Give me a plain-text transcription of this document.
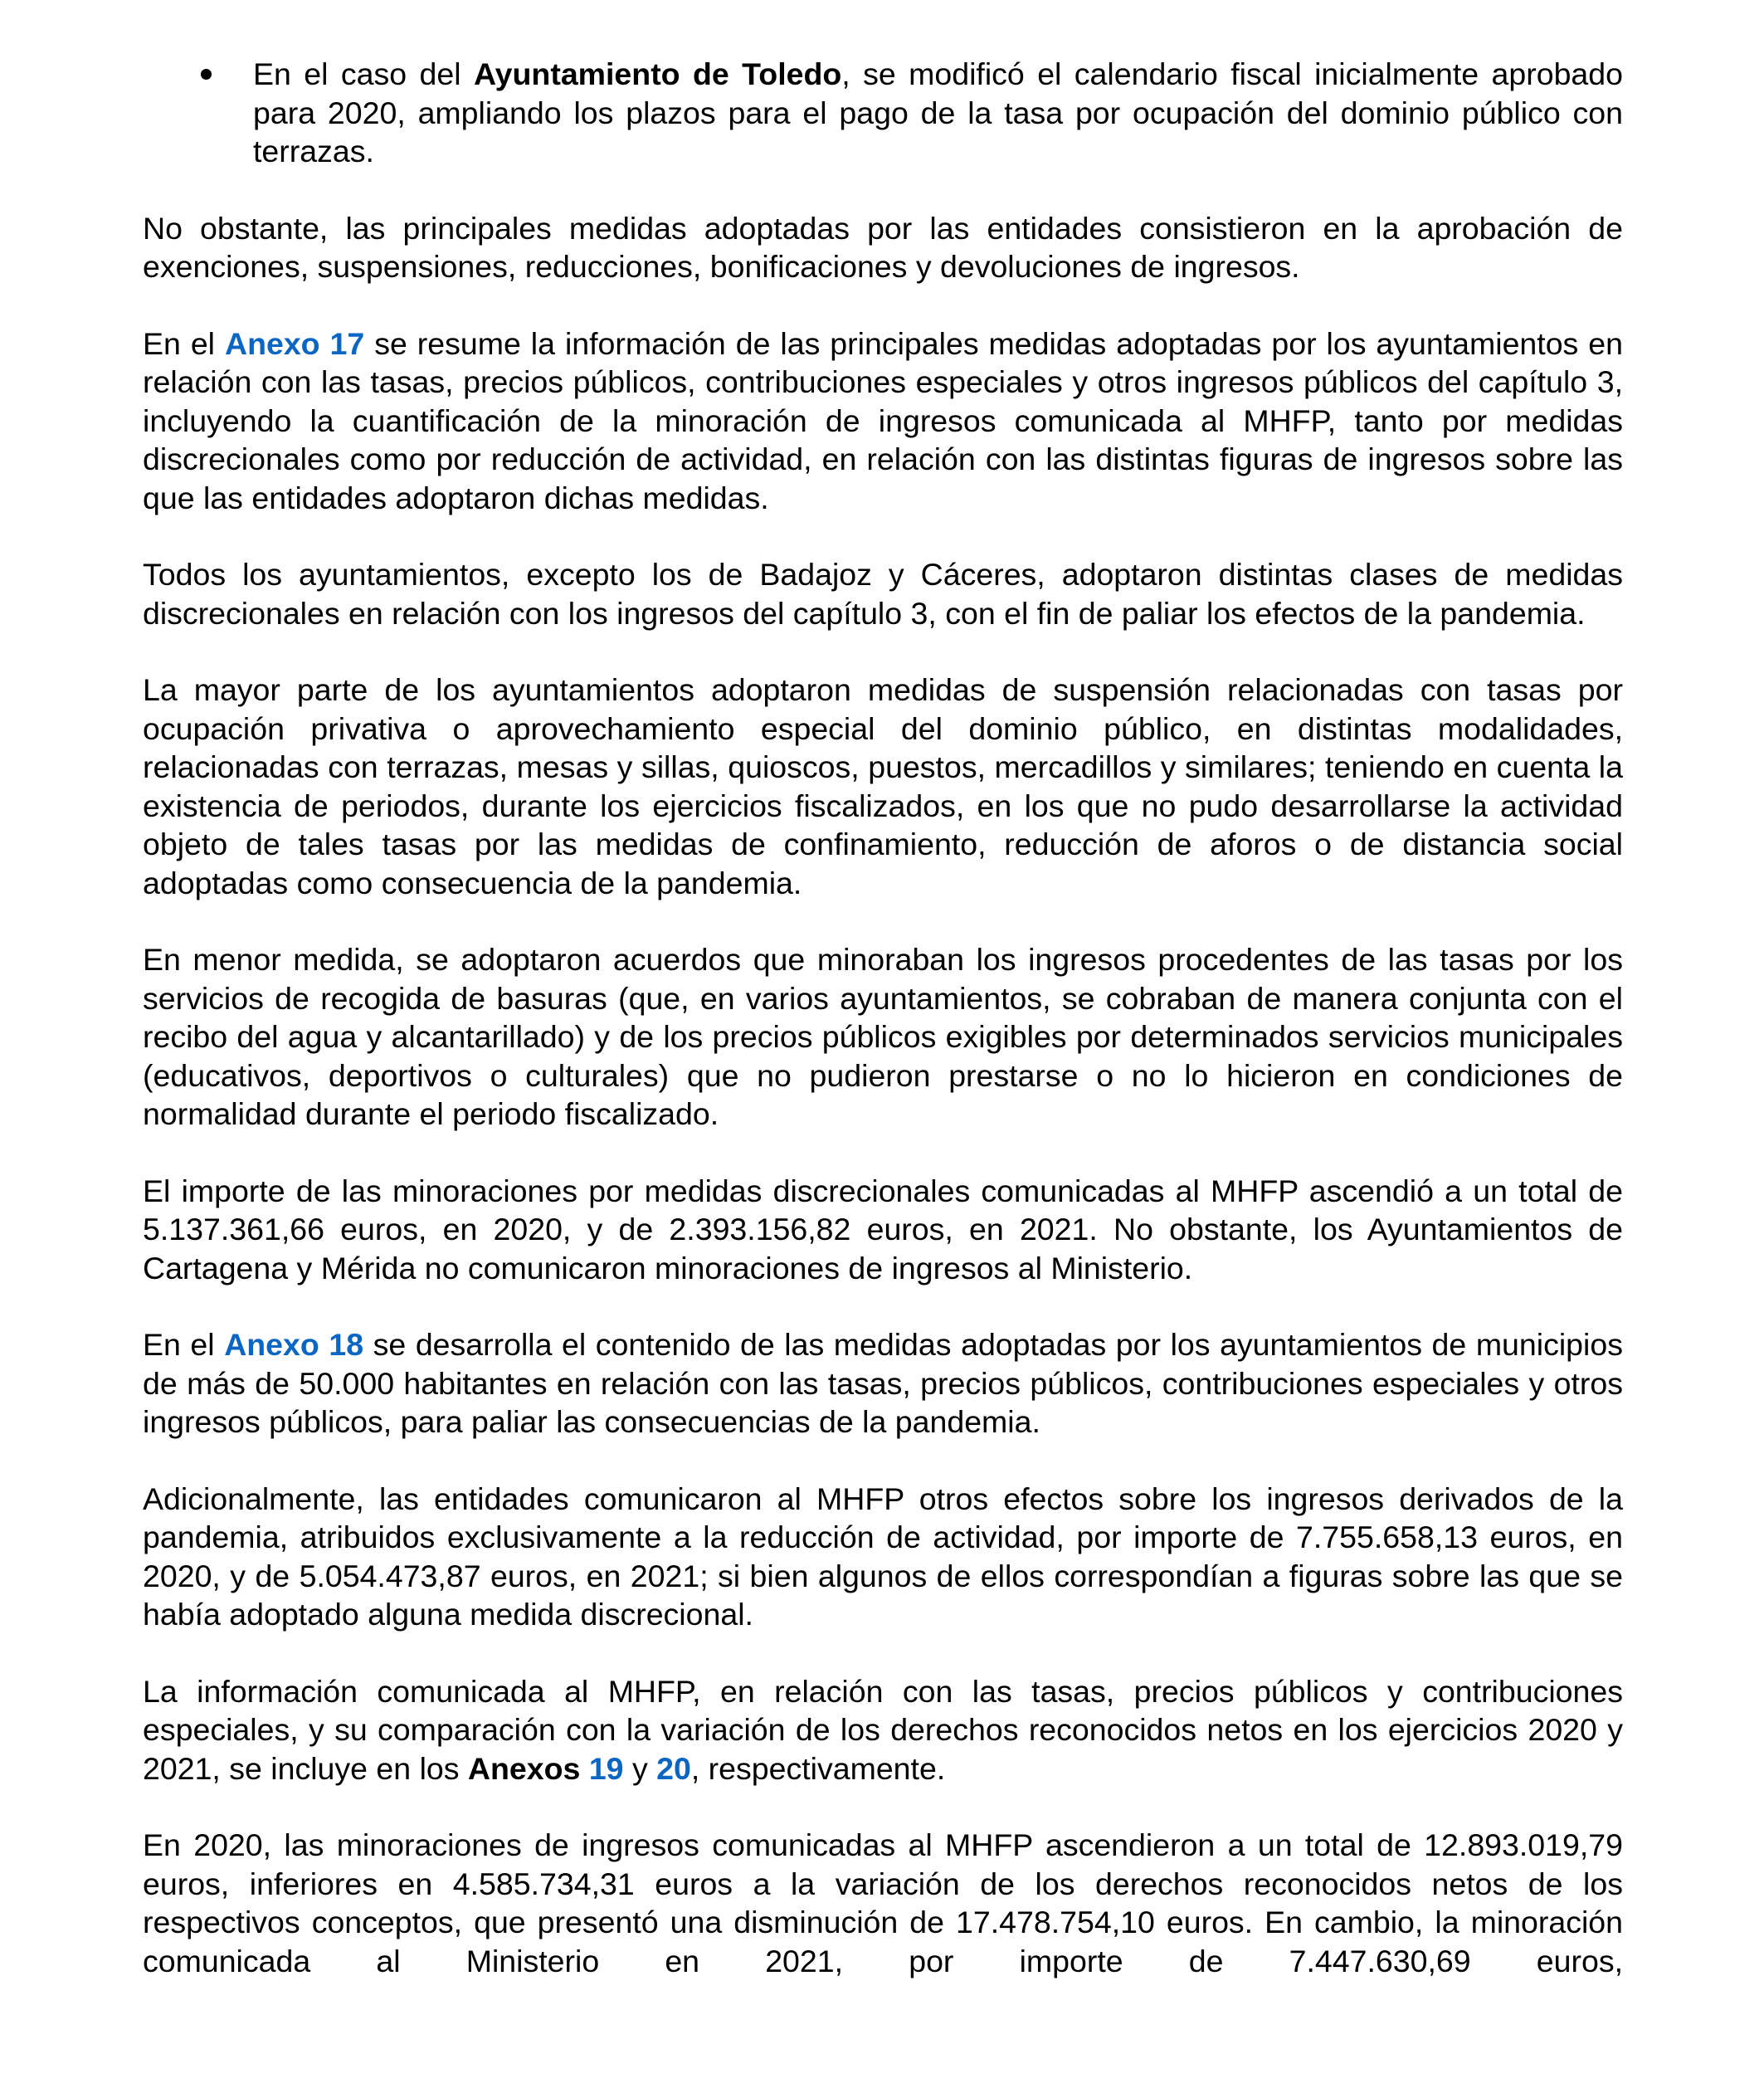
En el caso del Ayuntamiento de Toledo, se modificó el calendario fiscal inicialmente aprobado para 2020, ampliando los plazos para el pago de la tasa por ocupación del dominio público con terrazas.

No obstante, las principales medidas adoptadas por las entidades consistieron en la aprobación de exenciones, suspensiones, reducciones, bonificaciones y devoluciones de ingresos.

En el Anexo 17 se resume la información de las principales medidas adoptadas por los ayuntamientos en relación con las tasas, precios públicos, contribuciones especiales y otros ingresos públicos del capítulo 3, incluyendo la cuantificación de la minoración de ingresos comunicada al MHFP, tanto por medidas discrecionales como por reducción de actividad, en relación con las distintas figuras de ingresos sobre las que las entidades adoptaron dichas medidas.

Todos los ayuntamientos, excepto los de Badajoz y Cáceres, adoptaron distintas clases de medidas discrecionales en relación con los ingresos del capítulo 3, con el fin de paliar los efectos de la pandemia.

La mayor parte de los ayuntamientos adoptaron medidas de suspensión relacionadas con tasas por ocupación privativa o aprovechamiento especial del dominio público, en distintas modalidades, relacionadas con terrazas, mesas y sillas, quioscos, puestos, mercadillos y similares; teniendo en cuenta la existencia de periodos, durante los ejercicios fiscalizados, en los que no pudo desarrollarse la actividad objeto de tales tasas por las medidas de confinamiento, reducción de aforos o de distancia social adoptadas como consecuencia de la pandemia.

En menor medida, se adoptaron acuerdos que minoraban los ingresos procedentes de las tasas por los servicios de recogida de basuras (que, en varios ayuntamientos, se cobraban de manera conjunta con el recibo del agua y alcantarillado) y de los precios públicos exigibles por determinados servicios municipales (educativos, deportivos o culturales) que no pudieron prestarse o no lo hicieron en condiciones de normalidad durante el periodo fiscalizado.

El importe de las minoraciones por medidas discrecionales comunicadas al MHFP ascendió a un total de 5.137.361,66 euros, en 2020, y de 2.393.156,82 euros, en 2021. No obstante, los Ayuntamientos de Cartagena y Mérida no comunicaron minoraciones de ingresos al Ministerio.

En el Anexo 18 se desarrolla el contenido de las medidas adoptadas por los ayuntamientos de municipios de más de 50.000 habitantes en relación con las tasas, precios públicos, contribuciones especiales y otros ingresos públicos, para paliar las consecuencias de la pandemia.

Adicionalmente, las entidades comunicaron al MHFP otros efectos sobre los ingresos derivados de la pandemia, atribuidos exclusivamente a la reducción de actividad, por importe de 7.755.658,13 euros, en 2020, y de 5.054.473,87 euros, en 2021; si bien algunos de ellos correspondían a figuras sobre las que se había adoptado alguna medida discrecional.

La información comunicada al MHFP, en relación con las tasas, precios públicos y contribuciones especiales, y su comparación con la variación de los derechos reconocidos netos en los ejercicios 2020 y 2021, se incluye en los Anexos 19 y 20, respectivamente.

En 2020, las minoraciones de ingresos comunicadas al MHFP ascendieron a un total de 12.893.019,79 euros, inferiores en 4.585.734,31 euros a la variación de los derechos reconocidos netos de los respectivos conceptos, que presentó una disminución de 17.478.754,10 euros. En cambio, la minoración comunicada al Ministerio en 2021, por importe de 7.447.630,69 euros,
